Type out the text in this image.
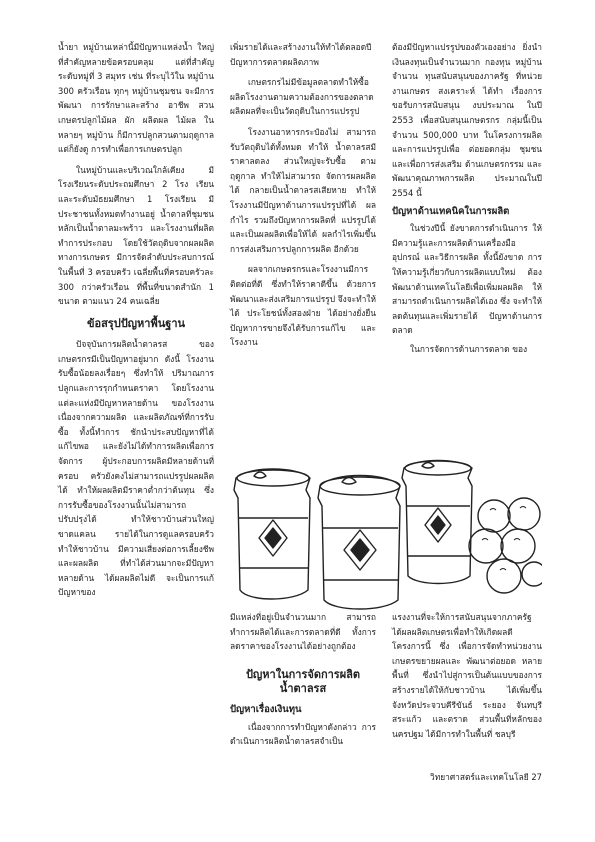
น้ำยา หมู่บ้านเหล่านี้มีปัญหาแหล่งน้ำ ใหญ่ ที่สำคัญหลายข้อครอบคลุม แต่ที่สำคัญระดับหมู่ที่ 3 สมุทร เช่น ที่ระบุไว้ใน หมู่บ้าน 300 ครัวเรือน ทุกๆ หมู่บ้านชุมชน จะมีการพัฒนา การรักษาและสร้าง อาชีพ สวนเกษตรปลูกไม้ผล ผัก ผลิตผล ไม้ผล ในหลายๆ หมู่บ้าน ก็มีการปลูกสวนตามฤดูกาล แต่ก็ยังดู การทำเพื่อการเกษตรปลูก

ในหมู่บ้านและบริเวณใกล้เคียง มีโรงเรียนระดับประถมศึกษา 2 โรง เรียน และระดับมัธยมศึกษา 1 โรงเรียน มีประชาชนทั้งหมดทำงานอยู่ น้ำตาลที่ชุมชนหลักเป็นน้ำตาลมะพร้าว และโรงงานที่ผลิตทำการประกอบ โดยใช้วัตถุดิบจากผลผลิตทางการเกษตร มีการจัดลำดับประสบการณ์ในพื้นที่ 3 ครอบครัว เฉลี่ยพื้นที่ครอบครัวละ 300 กว่าครัวเรือน ที่พื้นที่ขนาดสำนัก 1 ขนาด ตามแนว 24 คนเฉลี่ย

ข้อสรุปปัญหาพื้นฐาน

ปัจจุบันการผลิตน้ำตาลรส ของเกษตรกรมีเป็นปัญหาอยู่มาก ดังนี้ โรงงานรับซื้อน้อยลงเรื่อยๆ ซึ่งทำให้ ปริมาณการปลูกและการรุกกำหนดราคา โดยโรงงานแต่ละแห่งมีปัญหาหลายด้าน ของโรงงาน เนื่องจากความผลิต และผลิตภัณฑ์ที่การรับซื้อ ทั้งนี้ทำการ ชักนำประสบปัญหาที่ได้แก้ไขพอ และยังไม่ได้ทำการผลิตเพื่อการจัดการ ผู้ประกอบการผลิตมีหลายด้านที่ครอบ ครัวยังคงไม่สามารถแปรรูปผลผลิตได้ ทำให้ผลผลิตมีราคาต่ำกว่าต้นทุน ซึ่งการรับซื้อของโรงงานนั้นไม่สามารถ ปรับปรุงได้ ทำให้ชาวบ้านส่วนใหญ่ขาดแคลน รายได้ในการดูแลครอบครัว ทำให้ชาวบ้าน มีความเสี่ยงต่อการเลี้ยงชีพ และผลผลิต ที่ทำได้ส่วนมากจะมีปัญหาหลายด้าน ได้ผลผลิตไม่ดี จะเป็นการแก้ปัญหาของ

เพิ่มรายได้และสร้างงานให้ทำได้ตลอดปี ปัญหาการตลาดผลิตภาพ

เกษตรกรไม่มีข้อมูลตลาดทำให้ซื้อ ผลิตโรงงานตามความต้องการของตลาด ผลิตผลที่จะเป็นวัตถุดิบในการแปรรูป

โรงงานอาหารกระป๋องไม่ สามารถรับวัตถุดิบได้ทั้งหมด ทำให้ น้ำตาลรสมีราคาลดลง ส่วนใหญ่จะรับซื้อ ตามฤดูกาล ทำให้ไม่สามารถ จัดการผลผลิตได้ กลายเป็นน้ำตาลรสเสียหาย ทำให้โรงงานมีปัญหาด้านการแปรรูปที่ได้ ผลกำไร รวมถึงปัญหาการผลิตที่ แปรรูปได้ และเป็นผลผลิตเพื่อให้ได้ ผลกำไรเพิ่มขึ้น การส่งเสริมการปลูกการผลิต อีกด้วย

ผลจากเกษตรกรและโรงงานมีการ ติดต่อที่ดี ซึ่งทำให้ราคาดีขึ้น ด้วยการ พัฒนาและส่งเสริมการแปรรูป จึงจะทำให้ได้ ประโยชน์ทั้งสองฝ่าย ได้อย่างยั่งยืน ปัญหาการขายจึงได้รับการแก้ไข และโรงงาน

ต้องมีปัญหาแปรรูปของตัวเองอย่าง ยิ่งนำเงินลงทุนเป็นจำนวนมาก กองทุน หมู่บ้านจำนวน ทุนสนับสนุนของภาครัฐ ที่หน่วยงานเกษตร สงเคราะห์ ได้ทำ เรื่องการขอรับการสนับสนุน งบประมาณ ในปี 2553 เพื่อสนับสนุนเกษตรกร กลุ่มนี้เป็นจำนวน 500,000 บาท ในโครงการผลิตและการแปรรูปเพื่อ ต่อยอดกลุ่ม ชุมชน และเพื่อการส่งเสริม ด้านเกษตรกรรม และพัฒนาคุณภาพการผลิต ประมาณในปี 2554 นี้

ปัญหาด้านเทคนิคในการผลิต

ในช่วงปีนี้ ยังขาดการดำเนินการ ให้มีความรู้และการผลิตด้านเครื่องมือ อุปกรณ์ และวิธีการผลิต ทั้งนี้ยังขาด การให้ความรู้เกี่ยวกับการผลิตแบบใหม่ ต้องพัฒนาด้านเทคโนโลยีเพื่อเพิ่มผลผลิต ให้สามารถดำเนินการผลิตได้เอง ซึ่ง จะทำให้ลดต้นทุนและเพิ่มรายได้ ปัญหาด้านการตลาด

ในการจัดการด้านการตลาด ของ

มีแหล่งที่อยู่เป็นจำนวนมาก สามารถ ทำการผลิตได้และการตลาดที่ดี ทั้งการ ลดราคาของโรงงานได้อย่างถูกต้อง

ปัญหาในการจัดการผลิต น้ำตาลรส
ปัญหาเรื่องเงินทุน

เนื่องจากการทำปัญหาดังกล่าว การดำเนินการผลิตน้ำตาลรสจำเป็น

แรงงานที่จะให้การสนับสนุนจากภาครัฐ ได้ผลผลิตเกษตรเพื่อทำให้เกิดผลดี โครงการนี้ ซึ่ง เพื่อการจัดทำหน่วยงาน เกษตรขยายผลและ พัฒนาต่อยอด หลายพื้นที่ ซึ่งนำไปสู่การเป็นต้นแบบของการ สร้างรายได้ให้กับชาวบ้าน ได้เพิ่มขึ้น จังหวัดประจวบคีรีขันธ์ ระยอง จันทบุรี สระแก้ว และตราด ส่วนพื้นที่หลักของ นครปฐม ได้มีการทำในพื้นที่ ชลบุรี

วิทยาศาสตร์และเทคโนโลยี 27
